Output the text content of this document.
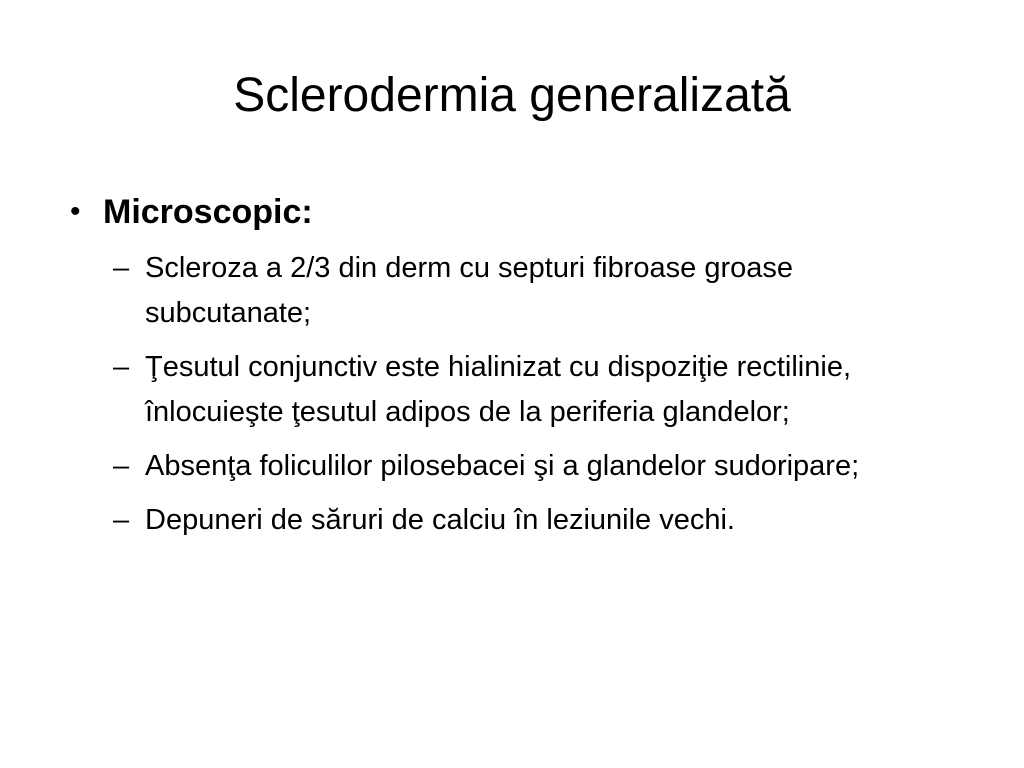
Sclerodermia generalizată
• Microscopic:
– Scleroza a 2/3 din derm cu septuri fibroase groase subcutanate;
– Ţesutul conjunctiv este hialinizat cu dispoziţie rectilinie, înlocuieşte ţesutul adipos de la periferia glandelor;
– Absenţa foliculilor pilosebacei şi a glandelor sudoripare;
– Depuneri de săruri de calciu în leziunile vechi.
